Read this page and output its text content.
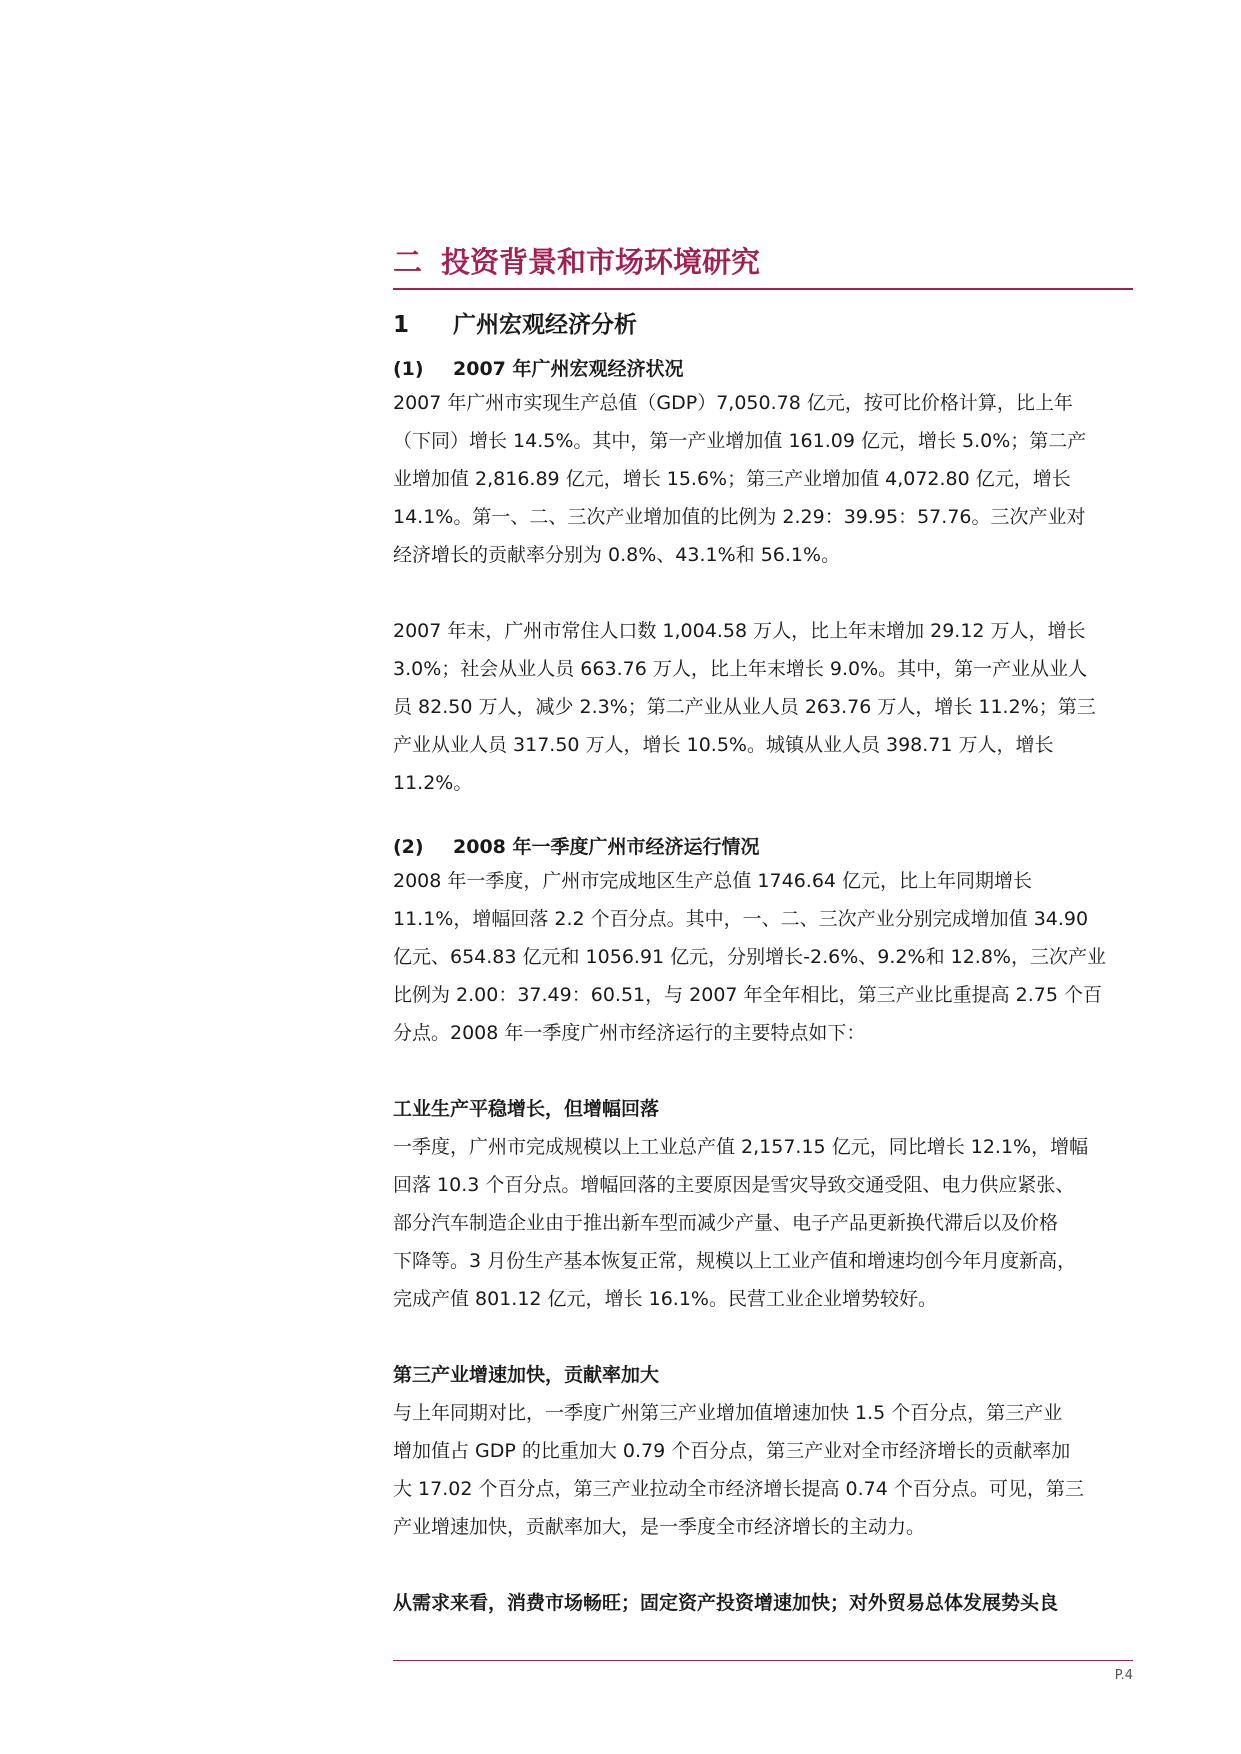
二 投资背景和市场环境研究
1 广州宏观经济分析
(1) 2007 年广州宏观经济状况
2007 年广州市实现生产总值（GDP）7,050.78 亿元，按可比价格计算，比上年
（下同）增长 14.5%。其中，第一产业增加值 161.09 亿元，增长 5.0%；第二产
业增加值 2,816.89 亿元，增长 15.6%；第三产业增加值 4,072.80 亿元，增长
14.1%。第一、二、三次产业增加值的比例为 2.29：39.95：57.76。三次产业对
经济增长的贡献率分别为 0.8%、43.1%和 56.1%。
2007 年末，广州市常住人口数 1,004.58 万人，比上年末增加 29.12 万人，增长
3.0%；社会从业人员 663.76 万人，比上年末增长 9.0%。其中，第一产业从业人
员 82.50 万人，减少 2.3%；第二产业从业人员 263.76 万人，增长 11.2%；第三
产业从业人员 317.50 万人，增长 10.5%。城镇从业人员 398.71 万人，增长
11.2%。
(2) 2008 年一季度广州市经济运行情况
2008 年一季度，广州市完成地区生产总值 1746.64 亿元，比上年同期增长
11.1%，增幅回落 2.2 个百分点。其中，一、二、三次产业分别完成增加值 34.90
亿元、654.83 亿元和 1056.91 亿元，分别增长-2.6%、9.2%和 12.8%，三次产业
比例为 2.00：37.49：60.51，与 2007 年全年相比，第三产业比重提高 2.75 个百
分点。2008 年一季度广州市经济运行的主要特点如下：
工业生产平稳增长，但增幅回落
一季度，广州市完成规模以上工业总产值 2,157.15 亿元，同比增长 12.1%，增幅
回落 10.3 个百分点。增幅回落的主要原因是雪灾导致交通受阻、电力供应紧张、
部分汽车制造企业由于推出新车型而减少产量、电子产品更新换代滞后以及价格
下降等。3 月份生产基本恢复正常，规模以上工业产值和增速均创今年月度新高，
完成产值 801.12 亿元，增长 16.1%。民营工业企业增势较好。
第三产业增速加快，贡献率加大
与上年同期对比，一季度广州第三产业增加值增速加快 1.5 个百分点，第三产业
增加值占 GDP 的比重加大 0.79 个百分点，第三产业对全市经济增长的贡献率加
大 17.02 个百分点，第三产业拉动全市经济增长提高 0.74 个百分点。可见，第三
产业增速加快，贡献率加大，是一季度全市经济增长的主动力。
从需求来看，消费市场畅旺；固定资产投资增速加快；对外贸易总体发展势头良
P.4
